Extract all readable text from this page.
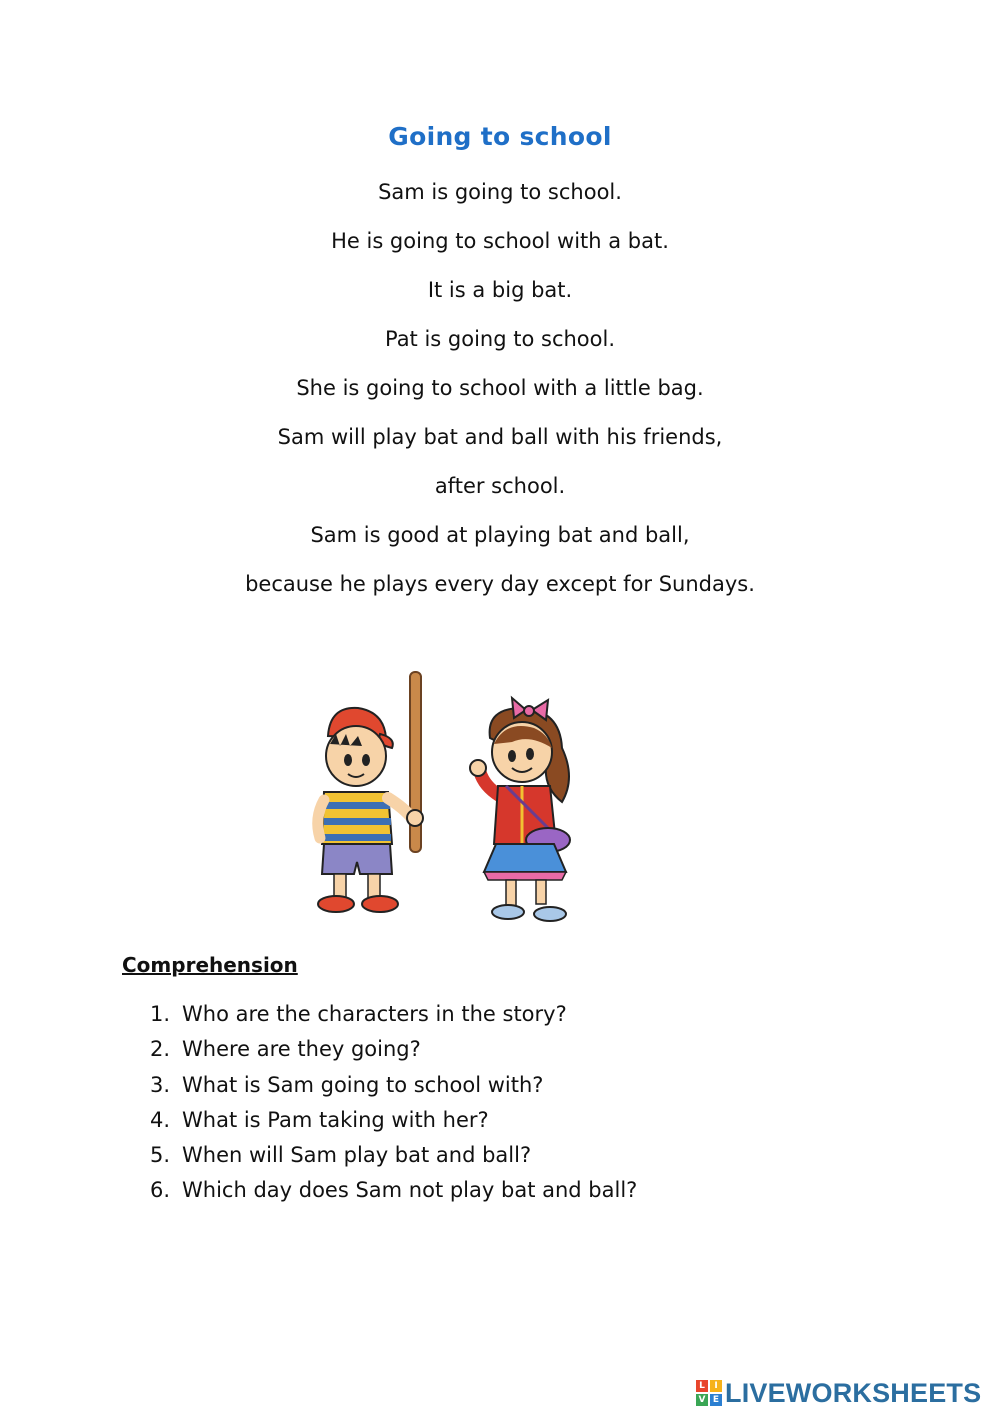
Going to school
Sam is going to school.
He is going to school with a bat.
It is a big bat.
Pat is going to school.
She is going to school with a little bag.
Sam will play bat and ball with his friends,
after school.
Sam is good at playing bat and ball,
because he plays every day except for Sundays.
Comprehension
1. Who are the characters in the story?
2. Where are they going?
3. What is Sam going to school with?
4. What is Pam taking with her?
5. When will Sam play bat and ball?
6. Which day does Sam not play bat and ball?
L	I
V E LIVEWORKSHEETS
